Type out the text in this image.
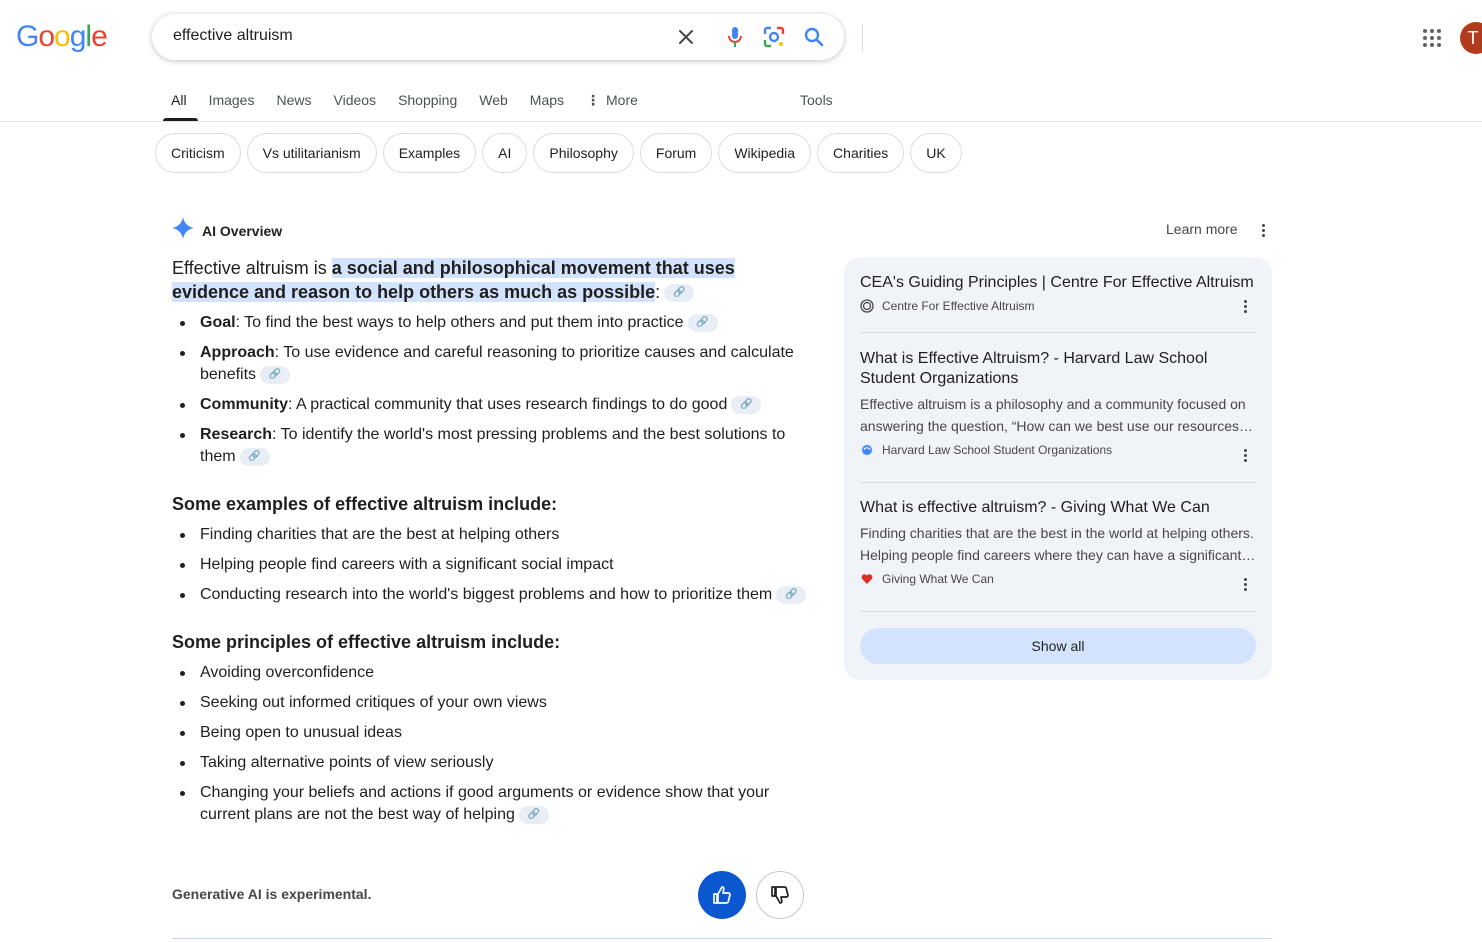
Google	effective altruism	T
All	Images	News	Videos	Shopping	Web	Maps	⋮ More	Tools
Criticism	Vs utilitarianism	Examples	AI	Philosophy	Forum	Wikipedia	Charities	UK
AI Overview	Learn more

Effective altruism is a social and philosophical movement that uses evidence and reason to help others as much as possible: 🔗

Goal: To find the best ways to help others and put them into practice 🔗
Approach: To use evidence and careful reasoning to prioritize causes and calculate benefits 🔗
Community: A practical community that uses research findings to do good 🔗
Research: To identify the world's most pressing problems and the best solutions to them 🔗
Some examples of effective altruism include:
Finding charities that are the best at helping others
Helping people find careers with a significant social impact
Conducting research into the world's biggest problems and how to prioritize them 🔗
Some principles of effective altruism include:
Avoiding overconfidence
Seeking out informed critiques of your own views
Being open to unusual ideas
Taking alternative points of view seriously
Changing your beliefs and actions if good arguments or evidence show that your current plans are not the best way of helping 🔗
Generative AI is experimental.
CEA's Guiding Principles | Centre For Effective Altruism
Centre For Effective Altruism
What is Effective Altruism? - Harvard Law School Student Organizations
Effective altruism is a philosophy and a community focused on
answering the question, “How can we best use our resources…
Harvard Law School Student Organizations
What is effective altruism? - Giving What We Can
Finding charities that are the best in the world at helping others.
Helping people find careers where they can have a significant…
Giving What We Can
Show all
